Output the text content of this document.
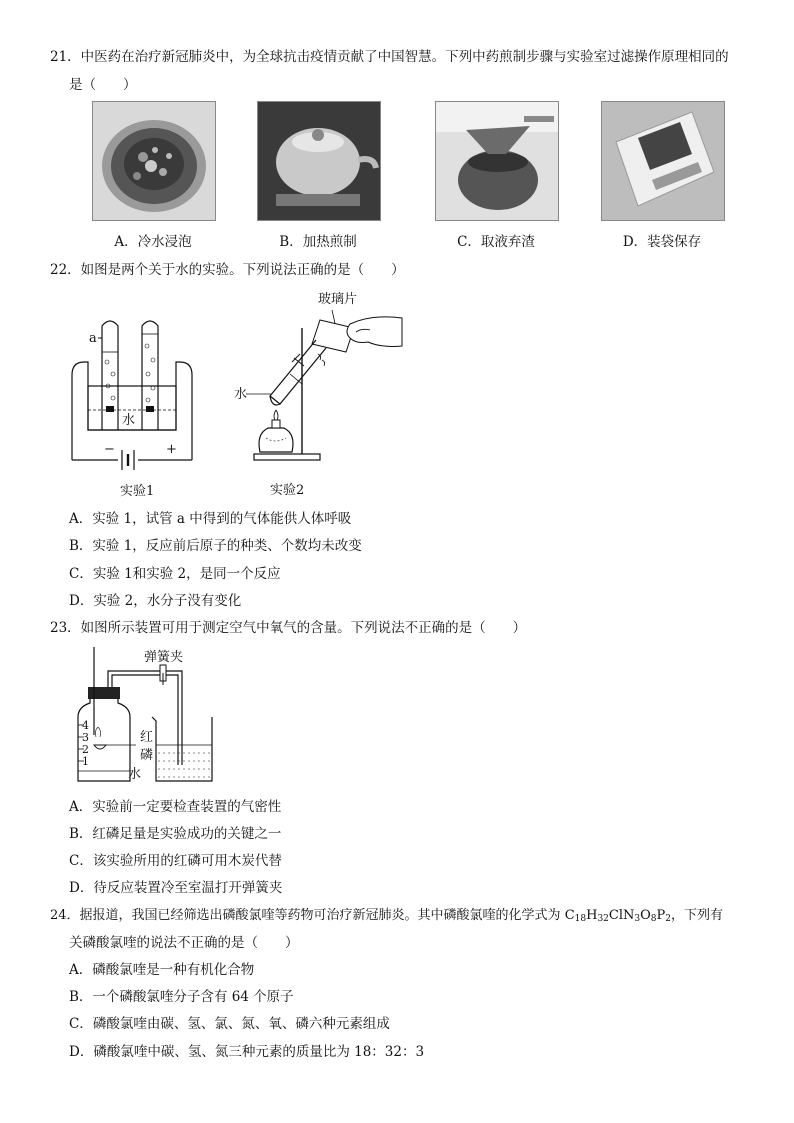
21．中医药在治疗新冠肺炎中，为全球抗击疫情贡献了中国智慧。下列中药煎制步骤与实验室过滤操作原理相同的
是（　　）
A．冷水浸泡	B．加热煎制	C．取液弃渣	D．装袋保存
22．如图是两个关于水的实验。下列说法正确的是（　　）
a
水
−	+
实验1
玻璃片
水
实验2
A．实验 1，试管 a 中得到的气体能供人体呼吸
B．实验 1，反应前后原子的种类、个数均未改变
C．实验 1和实验 2，是同一个反应
D．实验 2，水分子没有变化
23．如图所示装置可用于测定空气中氧气的含量。下列说法不正确的是（　　）
弹簧夹
4
3
2
1
红
磷
水
A．实验前一定要检查装置的气密性
B．红磷足量是实验成功的关键之一
C．该实验所用的红磷可用木炭代替
D．待反应装置冷至室温打开弹簧夹
24．据报道，我国已经筛选出磷酸氯喹等药物可治疗新冠肺炎。其中磷酸氯喹的化学式为 $C_{18}H_{32}ClN_3O_8P_2$，下列有
关磷酸氯喹的说法不正确的是（　　）
A．磷酸氯喹是一种有机化合物
B．一个磷酸氯喹分子含有 64 个原子
C．磷酸氯喹由碳、氢、氯、氮、氧、磷六种元素组成
D．磷酸氯喹中碳、氢、氮三种元素的质量比为 18：32：3
